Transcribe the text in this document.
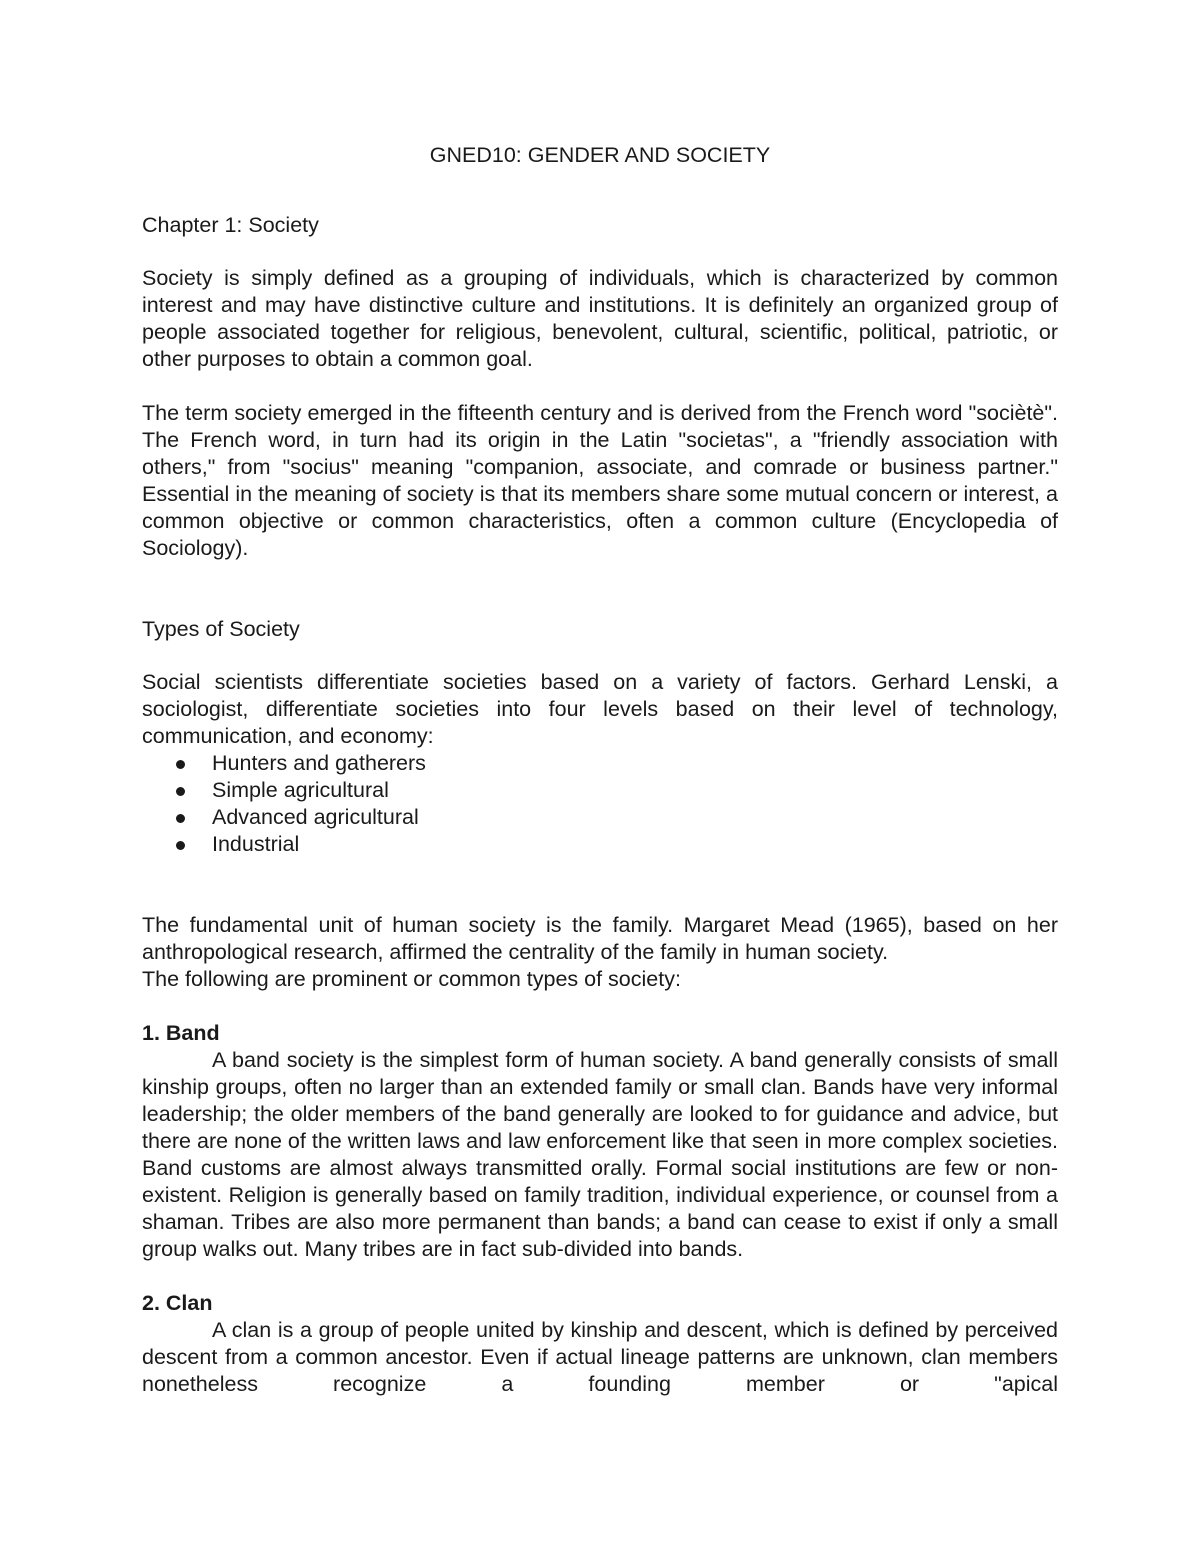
GNED10: GENDER AND SOCIETY
Chapter 1: Society

Society is simply defined as a grouping of individuals, which is characterized by common interest and may have distinctive culture and institutions. It is definitely an organized group of people associated together for religious, benevolent, cultural, scientific, political, patriotic, or other purposes to obtain a common goal.

The term society emerged in the fifteenth century and is derived from the French word "sociètè". The French word, in turn had its origin in the Latin "societas", a "friendly association with others," from "socius" meaning "companion, associate, and comrade or business partner." Essential in the meaning of society is that its members share some mutual concern or interest, a common objective or common characteristics, often a common culture (Encyclopedia of Sociology).

Types of Society

Social scientists differentiate societies based on a variety of factors. Gerhard Lenski, a sociologist, differentiate societies into four levels based on their level of technology, communication, and economy:

Hunters and gatherers
Simple agricultural
Advanced agricultural
Industrial

The fundamental unit of human society is the family. Margaret Mead (1965), based on her anthropological research, affirmed the centrality of the family in human society.

The following are prominent or common types of society:

1. Band

A band society is the simplest form of human society. A band generally consists of small kinship groups, often no larger than an extended family or small clan. Bands have very informal leadership; the older members of the band generally are looked to for guidance and advice, but there are none of the written laws and law enforcement like that seen in more complex societies. Band customs are almost always transmitted orally. Formal social institutions are few or non-existent. Religion is generally based on family tradition, individual experience, or counsel from a shaman. Tribes are also more permanent than bands; a band can cease to exist if only a small group walks out. Many tribes are in fact sub-divided into bands.

2. Clan

A clan is a group of people united by kinship and descent, which is defined by perceived descent from a common ancestor. Even if actual lineage patterns are unknown, clan members nonetheless recognize a founding member or "apical
